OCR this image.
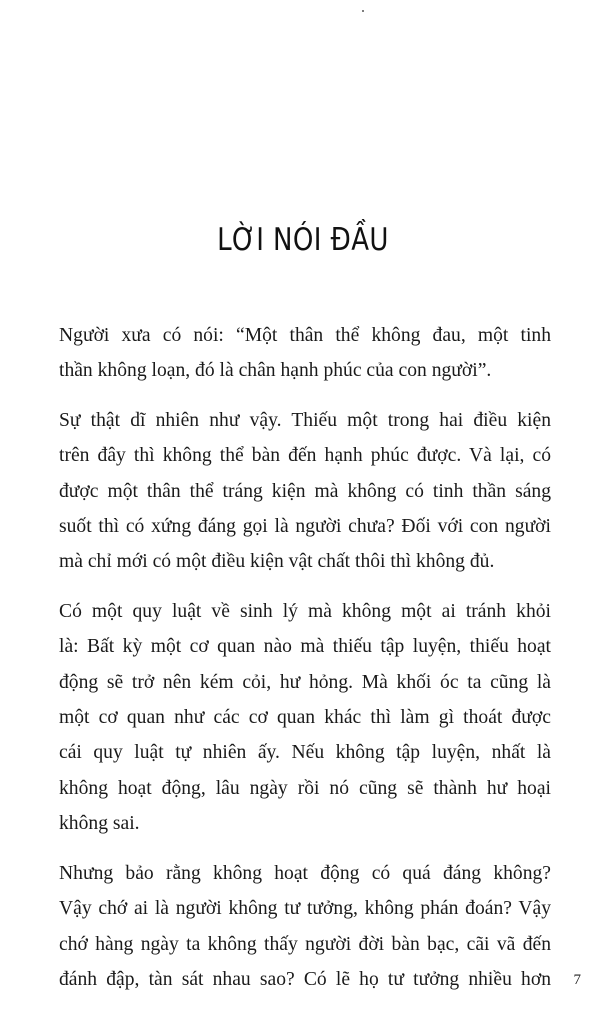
LỜI NÓI ĐẦU

Người xưa có nói: “Một thân thể không đau, một tinh
thần không loạn, đó là chân hạnh phúc của con người”.

Sự thật dĩ nhiên như vậy. Thiếu một trong hai điều kiện
trên đây thì không thể bàn đến hạnh phúc được. Và lại, có
được một thân thể tráng kiện mà không có tinh thần sáng
suốt thì có xứng đáng gọi là người chưa? Đối với con người
mà chỉ mới có một điều kiện vật chất thôi thì không đủ.

Có một quy luật về sinh lý mà không một ai tránh khỏi
là: Bất kỳ một cơ quan nào mà thiếu tập luyện, thiếu hoạt
động sẽ trở nên kém cỏi, hư hỏng. Mà khối óc ta cũng là
một cơ quan như các cơ quan khác thì làm gì thoát được
cái quy luật tự nhiên ấy. Nếu không tập luyện, nhất là
không hoạt động, lâu ngày rồi nó cũng sẽ thành hư hoại
không sai.

Nhưng bảo rằng không hoạt động có quá đáng không?
Vậy chớ ai là người không tư tưởng, không phán đoán? Vậy
chớ hàng ngày ta không thấy người đời bàn bạc, cãi vã đến
đánh đập, tàn sát nhau sao? Có lẽ họ tư tưởng nhiều hơn 7
